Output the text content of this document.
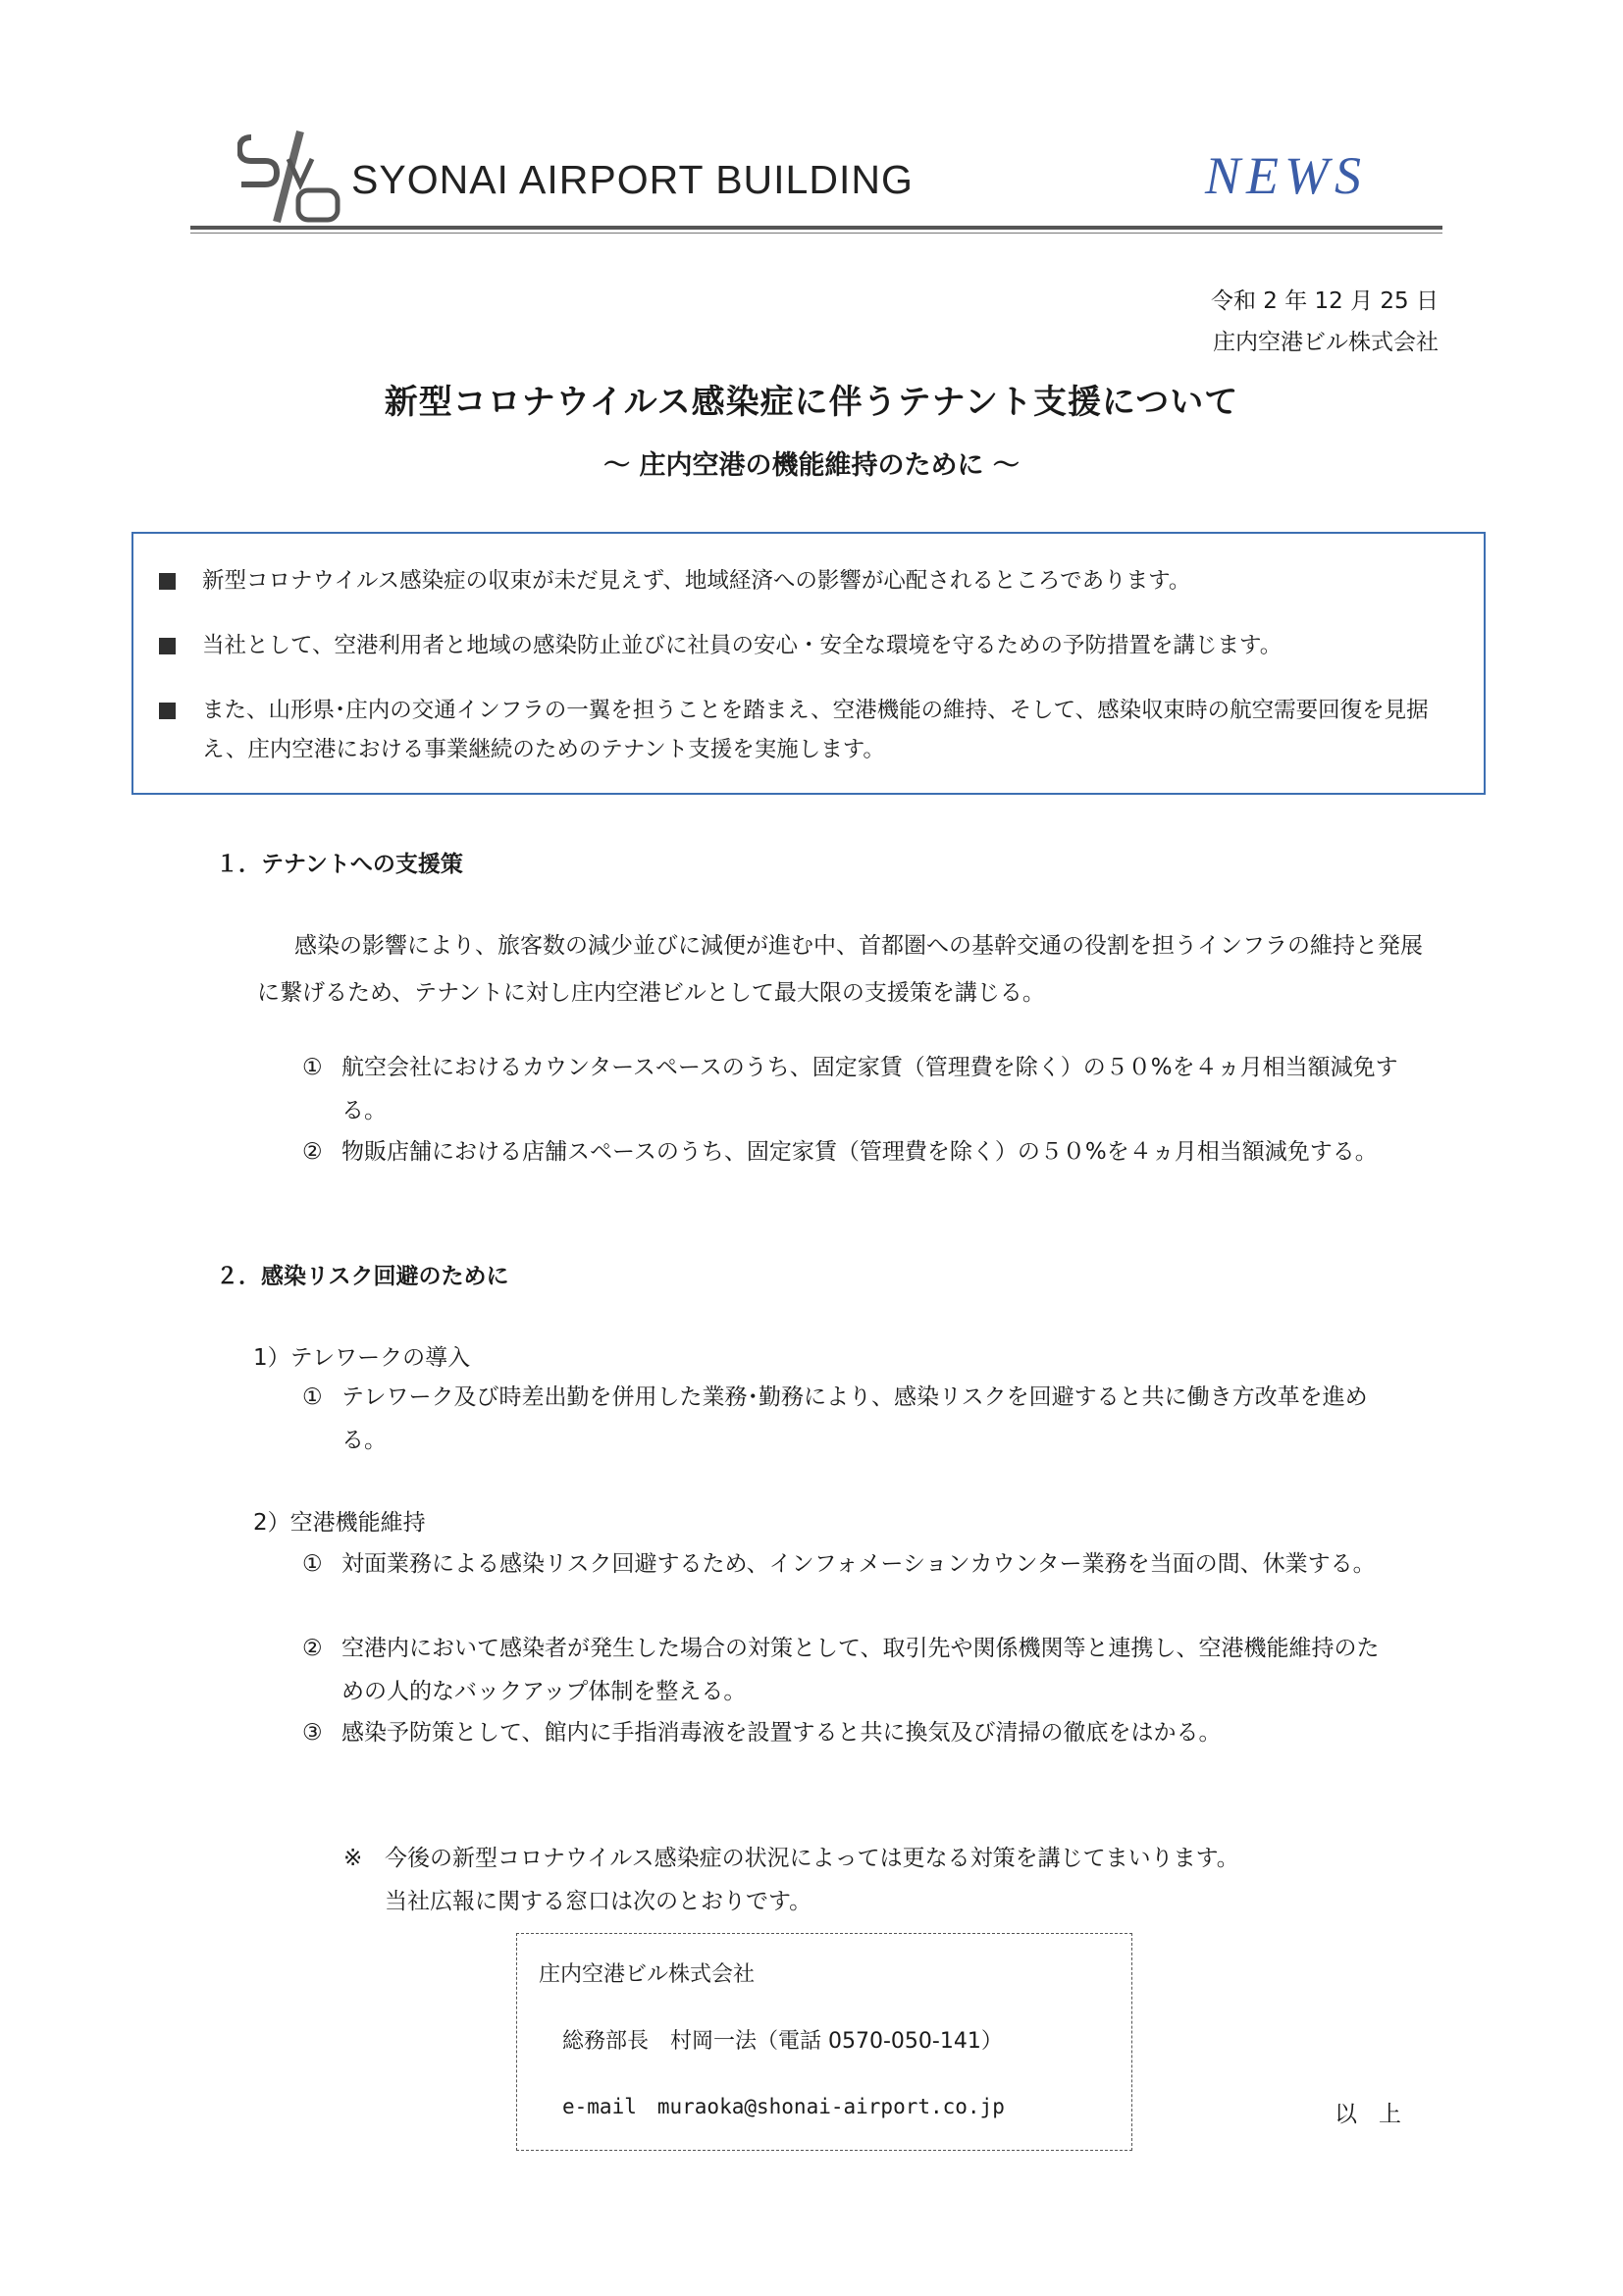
SYONAI AIRPORT BUILDING	NEWS
令和 2 年 12 月 25 日
庄内空港ビル株式会社
新型コロナウイルス感染症に伴うテナント支援について
～ 庄内空港の機能維持のために ～
新型コロナウイルス感染症の収束が未だ見えず、地域経済への影響が心配されるところであります。
当社として、空港利用者と地域の感染防止並びに社員の安心・安全な環境を守るための予防措置を講じます。
また、山形県･庄内の交通インフラの一翼を担うことを踏まえ、空港機能の維持、そして、感染収束時の航空需要回復を見据え、庄内空港における事業継続のためのテナント支援を実施します。
１．テナントへの支援策
感染の影響により、旅客数の減少並びに減便が進む中、首都圏への基幹交通の役割を担うインフラの維持と発展に繋げるため、テナントに対し庄内空港ビルとして最大限の支援策を講じる。
① 航空会社におけるカウンタースペースのうち、固定家賃（管理費を除く）の５０%を４ヵ月相当額減免する。
② 物販店舗における店舗スペースのうち、固定家賃（管理費を除く）の５０%を４ヵ月相当額減免する。
２．感染リスク回避のために
1）テレワークの導入
① テレワーク及び時差出勤を併用した業務･勤務により、感染リスクを回避すると共に働き方改革を進める。
2）空港機能維持
① 対面業務による感染リスク回避するため、インフォメーションカウンター業務を当面の間、休業する。
② 空港内において感染者が発生した場合の対策として、取引先や関係機関等と連携し、空港機能維持のための人的なバックアップ体制を整える。
③ 感染予防策として、館内に手指消毒液を設置すると共に換気及び清掃の徹底をはかる。
※ 今後の新型コロナウイルス感染症の状況によっては更なる対策を講じてまいります。
当社広報に関する窓口は次のとおりです。
庄内空港ビル株式会社
総務部長　村岡一法（電話 0570-050-141）
e-mail　muraoka@shonai-airport.co.jp	以上
